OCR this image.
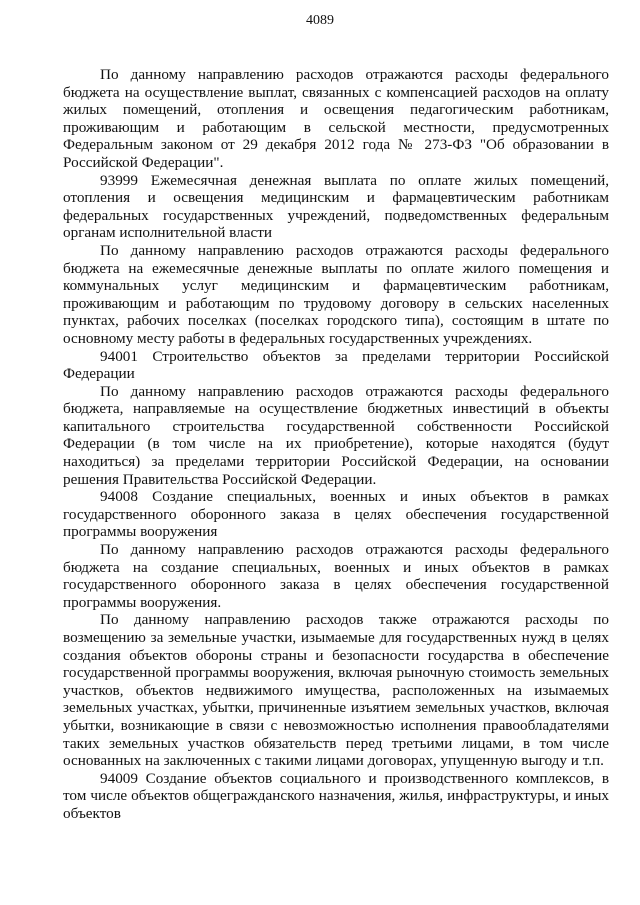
4089

По данному направлению расходов отражаются расходы федерального бюджета на осуществление выплат, связанных с компенсацией расходов на оплату жилых помещений, отопления и освещения педагогическим работникам, проживающим и работающим в сельской местности, предусмотренных Федеральным законом от 29 декабря 2012 года № 273-ФЗ "Об образовании в Российской Федерации".

93999 Ежемесячная денежная выплата по оплате жилых помещений, отопления и освещения медицинским и фармацевтическим работникам федеральных государственных учреждений, подведомственных федеральным органам исполнительной власти

По данному направлению расходов отражаются расходы федерального бюджета на ежемесячные денежные выплаты по оплате жилого помещения и коммунальных услуг медицинским и фармацевтическим работникам, проживающим и работающим по трудовому договору в сельских населенных пунктах, рабочих поселках (поселках городского типа), состоящим в штате по основному месту работы в федеральных государственных учреждениях.

94001 Строительство объектов за пределами территории Российской Федерации

По данному направлению расходов отражаются расходы федерального бюджета, направляемые на осуществление бюджетных инвестиций в объекты капитального строительства государственной собственности Российской Федерации (в том числе на их приобретение), которые находятся (будут находиться) за пределами территории Российской Федерации, на основании решения Правительства Российской Федерации.

94008 Создание специальных, военных и иных объектов в рамках государственного оборонного заказа в целях обеспечения государственной программы вооружения

По данному направлению расходов отражаются расходы федерального бюджета на создание специальных, военных и иных объектов в рамках государственного оборонного заказа в целях обеспечения государственной программы вооружения.

По данному направлению расходов также отражаются расходы по возмещению за земельные участки, изымаемые для государственных нужд в целях создания объектов обороны страны и безопасности государства в обеспечение государственной программы вооружения, включая рыночную стоимость земельных участков, объектов недвижимого имущества, расположенных на изымаемых земельных участках, убытки, причиненные изъятием земельных участков, включая убытки, возникающие в связи с невозможностью исполнения правообладателями таких земельных участков обязательств перед третьими лицами, в том числе основанных на заключенных с такими лицами договорах, упущенную выгоду и т.п.

94009 Создание объектов социального и производственного комплексов, в том числе объектов общегражданского назначения, жилья, инфраструктуры, и иных объектов
